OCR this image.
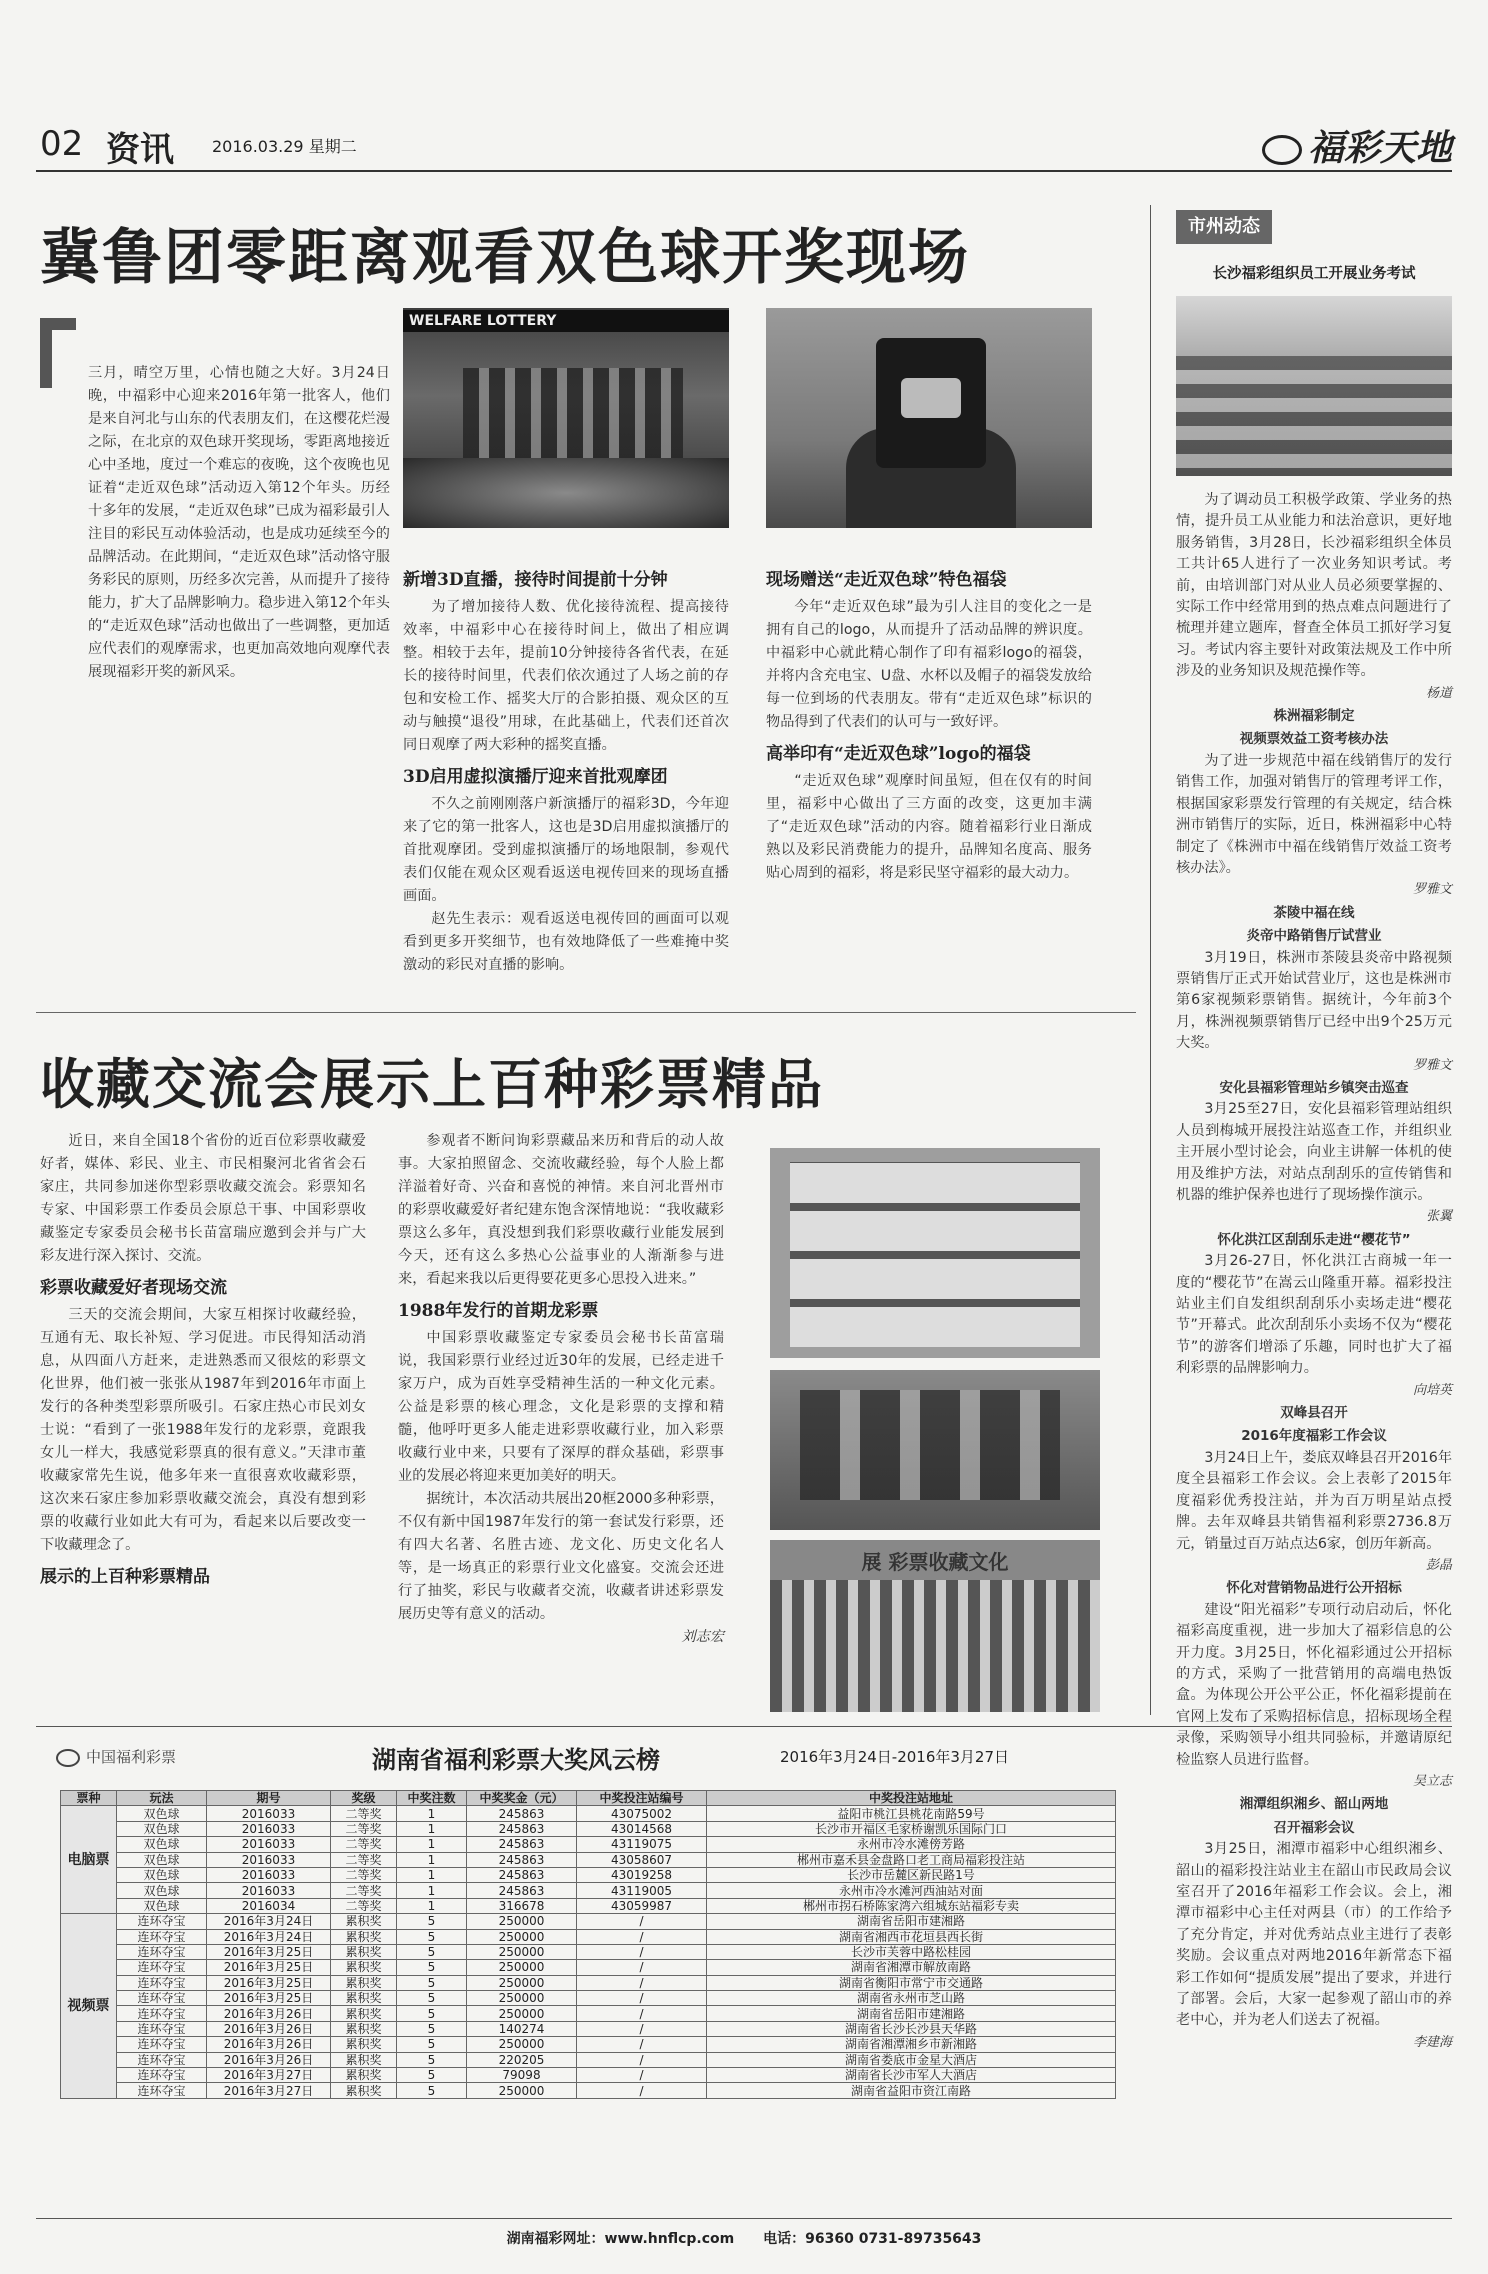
02 资讯 2016.03.29 星期二	福彩天地
冀鲁团零距离观看双色球开奖现场
三月，晴空万里，心情也随之大好。3月24日晚，中福彩中心迎来2016年第一批客人，他们是来自河北与山东的代表朋友们，在这樱花烂漫之际，在北京的双色球开奖现场，零距离地接近心中圣地，度过一个难忘的夜晚，这个夜晚也见证着“走近双色球”活动迈入第12个年头。历经十多年的发展，“走近双色球”已成为福彩最引人注目的彩民互动体验活动，也是成功延续至今的品牌活动。在此期间，“走近双色球”活动恪守服务彩民的原则，历经多次完善，从而提升了接待能力，扩大了品牌影响力。稳步进入第12个年头的“走近双色球”活动也做出了一些调整，更加适应代表们的观摩需求，也更加高效地向观摩代表展现福彩开奖的新风采。
WELFARE LOTTERY
新增3D直播，接待时间提前十分钟

为了增加接待人数、优化接待流程、提高接待效率，中福彩中心在接待时间上，做出了相应调整。相较于去年，提前10分钟接待各省代表，在延长的接待时间里，代表们依次通过了人场之前的存包和安检工作、摇奖大厅的合影拍摄、观众区的互动与触摸“退役”用球，在此基础上，代表们还首次同日观摩了两大彩种的摇奖直播。

3D启用虚拟演播厅迎来首批观摩团

不久之前刚刚落户新演播厅的福彩3D，今年迎来了它的第一批客人，这也是3D启用虚拟演播厅的首批观摩团。受到虚拟演播厅的场地限制，参观代表们仅能在观众区观看返送电视传回来的现场直播画面。

赵先生表示：观看返送电视传回的画面可以观看到更多开奖细节，也有效地降低了一些难掩中奖激动的彩民对直播的影响。

现场赠送“走近双色球”特色福袋

今年“走近双色球”最为引人注目的变化之一是拥有自己的logo，从而提升了活动品牌的辨识度。中福彩中心就此精心制作了印有福彩logo的福袋，并将内含充电宝、U盘、水杯以及帽子的福袋发放给每一位到场的代表朋友。带有“走近双色球”标识的物品得到了代表们的认可与一致好评。

高举印有“走近双色球”logo的福袋

“走近双色球”观摩时间虽短，但在仅有的时间里，福彩中心做出了三方面的改变，这更加丰满了“走近双色球”活动的内容。随着福彩行业日渐成熟以及彩民消费能力的提升，品牌知名度高、服务贴心周到的福彩，将是彩民坚守福彩的最大动力。

收藏交流会展示上百种彩票精品

近日，来自全国18个省份的近百位彩票收藏爱好者，媒体、彩民、业主、市民相聚河北省省会石家庄，共同参加迷你型彩票收藏交流会。彩票知名专家、中国彩票工作委员会原总干事、中国彩票收藏鉴定专家委员会秘书长苗富瑞应邀到会并与广大彩友进行深入探讨、交流。

彩票收藏爱好者现场交流

三天的交流会期间，大家互相探讨收藏经验，互通有无、取长补短、学习促进。市民得知活动消息，从四面八方赶来，走进熟悉而又很炫的彩票文化世界，他们被一张张从1987年到2016年市面上发行的各种类型彩票所吸引。石家庄热心市民刘女士说：“看到了一张1988年发行的龙彩票，竟跟我女儿一样大，我感觉彩票真的很有意义。”天津市董收藏家常先生说，他多年来一直很喜欢收藏彩票，这次来石家庄参加彩票收藏交流会，真没有想到彩票的收藏行业如此大有可为，看起来以后要改变一下收藏理念了。

展示的上百种彩票精品

参观者不断问询彩票藏品来历和背后的动人故事。大家拍照留念、交流收藏经验，每个人脸上都洋溢着好奇、兴奋和喜悦的神情。来自河北晋州市的彩票收藏爱好者纪建东饱含深情地说：“我收藏彩票这么多年，真没想到我们彩票收藏行业能发展到今天，还有这么多热心公益事业的人渐渐参与进来，看起来我以后更得要花更多心思投入进来。”

1988年发行的首期龙彩票

中国彩票收藏鉴定专家委员会秘书长苗富瑞说，我国彩票行业经过近30年的发展，已经走进千家万户，成为百姓享受精神生活的一种文化元素。公益是彩票的核心理念，文化是彩票的支撑和精髓，他呼吁更多人能走进彩票收藏行业，加入彩票收藏行业中来，只要有了深厚的群众基础，彩票事业的发展必将迎来更加美好的明天。

据统计，本次活动共展出20框2000多种彩票，不仅有新中国1987年发行的第一套试发行彩票，还有四大名著、名胜古迹、龙文化、历史文化名人等，是一场真正的彩票行业文化盛宴。交流会还进行了抽奖，彩民与收藏者交流，收藏者讲述彩票发展历史等有意义的活动。

刘志宏
展 彩票收藏文化
市州动态
长沙福彩组织员工开展业务考试

为了调动员工积极学政策、学业务的热情，提升员工从业能力和法治意识，更好地服务销售，3月28日，长沙福彩组织全体员工共计65人进行了一次业务知识考试。考前，由培训部门对从业人员必须要掌握的、实际工作中经常用到的热点难点问题进行了梳理并建立题库，督查全体员工抓好学习复习。考试内容主要针对政策法规及工作中所涉及的业务知识及规范操作等。

杨道

株洲福彩制定

视频票效益工资考核办法

为了进一步规范中福在线销售厅的发行销售工作，加强对销售厅的管理考评工作，根据国家彩票发行管理的有关规定，结合株洲市销售厅的实际，近日，株洲福彩中心特制定了《株洲市中福在线销售厅效益工资考核办法》。

罗雅文

茶陵中福在线

炎帝中路销售厅试营业

3月19日，株洲市茶陵县炎帝中路视频票销售厅正式开始试营业厅，这也是株洲市第6家视频彩票销售。据统计，今年前3个月，株洲视频票销售厅已经中出9个25万元大奖。

罗雅文

安化县福彩管理站乡镇突击巡查

3月25至27日，安化县福彩管理站组织人员到梅城开展投注站巡查工作，并组织业主开展小型讨论会，向业主讲解一体机的使用及维护方法，对站点刮刮乐的宣传销售和机器的维护保养也进行了现场操作演示。

张翼

怀化洪江区刮刮乐走进“樱花节”

3月26-27日，怀化洪江古商城一年一度的“樱花节”在嵩云山隆重开幕。福彩投注站业主们自发组织刮刮乐小卖场走进“樱花节”开幕式。此次刮刮乐小卖场不仅为“樱花节”的游客们增添了乐趣，同时也扩大了福利彩票的品牌影响力。

向培英

双峰县召开

2016年度福彩工作会议

3月24日上午，娄底双峰县召开2016年度全县福彩工作会议。会上表彰了2015年度福彩优秀投注站，并为百万明星站点授牌。去年双峰县共销售福利彩票2736.8万元，销量过百万站点达6家，创历年新高。

彭晶

怀化对营销物品进行公开招标

建设“阳光福彩”专项行动启动后，怀化福彩高度重视，进一步加大了福彩信息的公开力度。3月25日，怀化福彩通过公开招标的方式，采购了一批营销用的高端电热饭盒。为体现公开公平公正，怀化福彩提前在官网上发布了采购招标信息，招标现场全程录像，采购领导小组共同验标，并邀请原纪检监察人员进行监督。

吴立志

湘潭组织湘乡、韶山两地

召开福彩会议

3月25日，湘潭市福彩中心组织湘乡、韶山的福彩投注站业主在韶山市民政局会议室召开了2016年福彩工作会议。会上，湘潭市福彩中心主任对两县（市）的工作给予了充分肯定，并对优秀站点业主进行了表彰奖励。会议重点对两地2016年新常态下福彩工作如何“提质发展”提出了要求，并进行了部署。会后，大家一起参观了韶山市的养老中心，并为老人们送去了祝福。

李建海

中国福利彩票	湖南省福利彩票大奖风云榜	2016年3月24日-2016年3月27日
票种	玩法	期号	奖级	中奖注数	中奖奖金（元）	中奖投注站编号	中奖投注站地址
电脑票	双色球	2016033	二等奖	1	245863	43075002	益阳市桃江县桃花南路59号
	双色球	2016033	二等奖	1	245863	43014568	长沙市开福区毛家桥谢凯乐国际门口
	双色球	2016033	二等奖	1	245863	43119075	永州市冷水滩傍芳路
	双色球	2016033	二等奖	1	245863	43058607	郴州市嘉禾县金盘路口老工商局福彩投注站
	双色球	2016033	二等奖	1	245863	43019258	长沙市岳麓区新民路1号
	双色球	2016033	二等奖	1	245863	43119005	永州市冷水滩河西油站对面
	双色球	2016034	二等奖	1	316678	43059987	郴州市拐石桥陈家湾六组城东站福彩专卖
视频票	连环夺宝	2016年3月24日	累积奖	5	250000	/	湖南省岳阳市建湘路
	连环夺宝	2016年3月24日	累积奖	5	250000	/	湖南省湘西市花垣县西长街
	连环夺宝	2016年3月25日	累积奖	5	250000	/	长沙市芙蓉中路松桂园
	连环夺宝	2016年3月25日	累积奖	5	250000	/	湖南省湘潭市解放南路
	连环夺宝	2016年3月25日	累积奖	5	250000	/	湖南省衡阳市常宁市交通路
	连环夺宝	2016年3月25日	累积奖	5	250000	/	湖南省永州市芝山路
	连环夺宝	2016年3月26日	累积奖	5	250000	/	湖南省岳阳市建湘路
	连环夺宝	2016年3月26日	累积奖	5	140274	/	湖南省长沙长沙县天华路
	连环夺宝	2016年3月26日	累积奖	5	250000	/	湖南省湘潭湘乡市新湘路
	连环夺宝	2016年3月26日	累积奖	5	220205	/	湖南省娄底市金星大酒店
	连环夺宝	2016年3月27日	累积奖	5	79098	/	湖南省长沙市军人大酒店
	连环夺宝	2016年3月27日	累积奖	5	250000	/	湖南省益阳市资江南路
湖南福彩网址：www.hnflcp.com 电话：96360 0731-89735643
